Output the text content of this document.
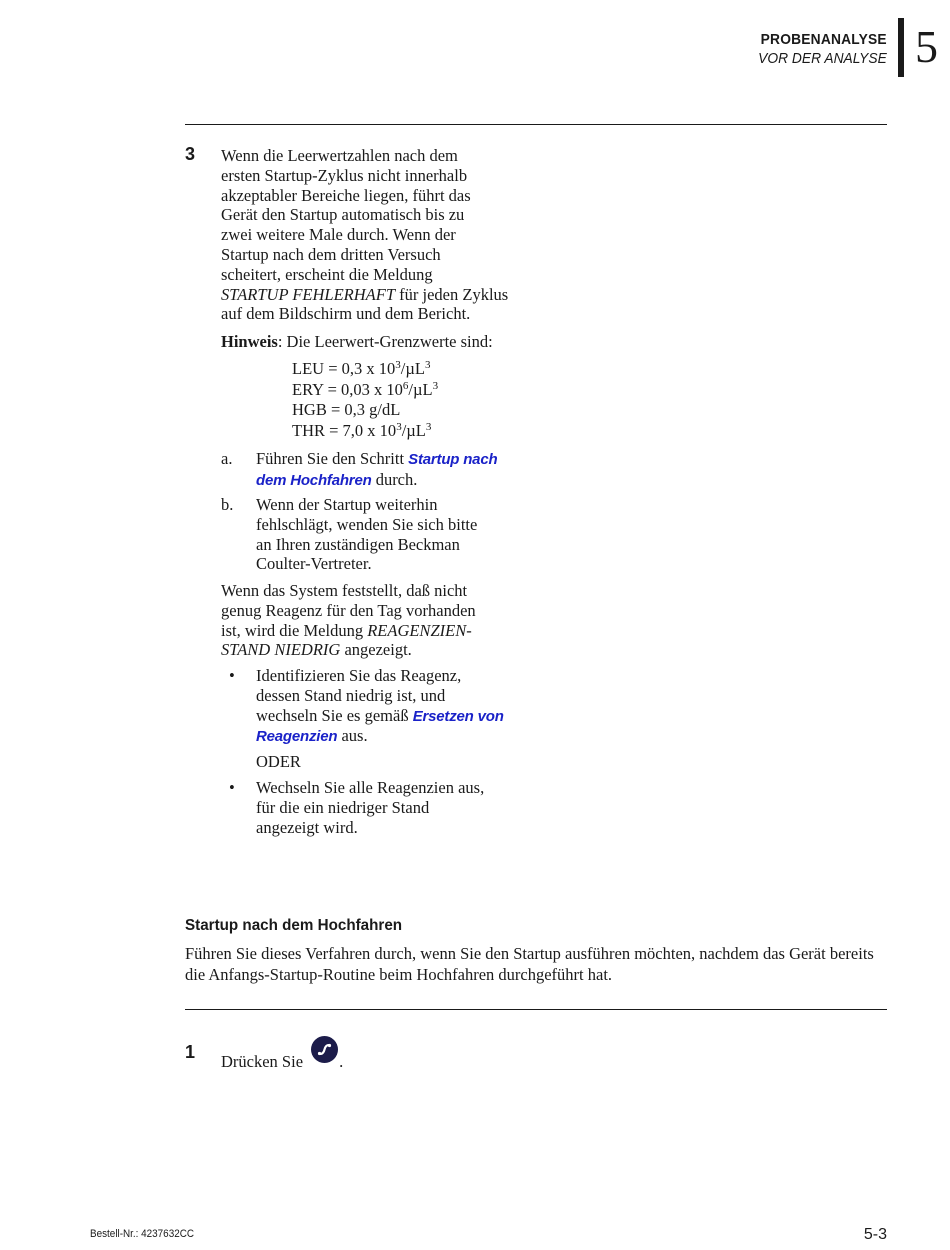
PROBENANALYSE
VOR DER ANALYSE 5
3 Wenn die Leerwertzahlen nach dem

ersten Startup-Zyklus nicht innerhalb

akzeptabler Bereiche liegen, führt das

Gerät den Startup automatisch bis zu

zwei weitere Male durch. Wenn der

Startup nach dem dritten Versuch

scheitert, erscheint die Meldung

STARTUP FEHLERHAFT für jeden Zyklus

auf dem Bildschirm und dem Bericht.

Hinweis: Die Leerwert-Grenzwerte sind:

LEU = 0,3 x $10^3/\mu L^3$
ERY = 0,03 x $10^6/\mu L^3$
HGB = 0,3 g/dL
THR = 7,0 x $10^3/\mu L^3$
a. Führen Sie den Schritt Startup nach
dem Hochfahren durch.
b. Wenn der Startup weiterhin
fehlschlägt, wenden Sie sich bitte
an Ihren zuständigen Beckman
Coulter-Vertreter.
Wenn das System feststellt, daß nicht
genug Reagenz für den Tag vorhanden
ist, wird die Meldung REAGENZIEN-
STAND NIEDRIG angezeigt.
• Identifizieren Sie das Reagenz,
dessen Stand niedrig ist, und
wechseln Sie es gemäß Ersetzen von
Reagenzien aus.
ODER
• Wechseln Sie alle Reagenzien aus,
für die ein niedriger Stand
angezeigt wird.
Startup nach dem Hochfahren
Führen Sie dieses Verfahren durch, wenn Sie den Startup ausführen möchten, nachdem das Gerät bereits die Anfangs-Startup-Routine beim Hochfahren durchgeführt hat.
1 Drücken Sie
.
Bestell-Nr.: 4237632CC	5-3
